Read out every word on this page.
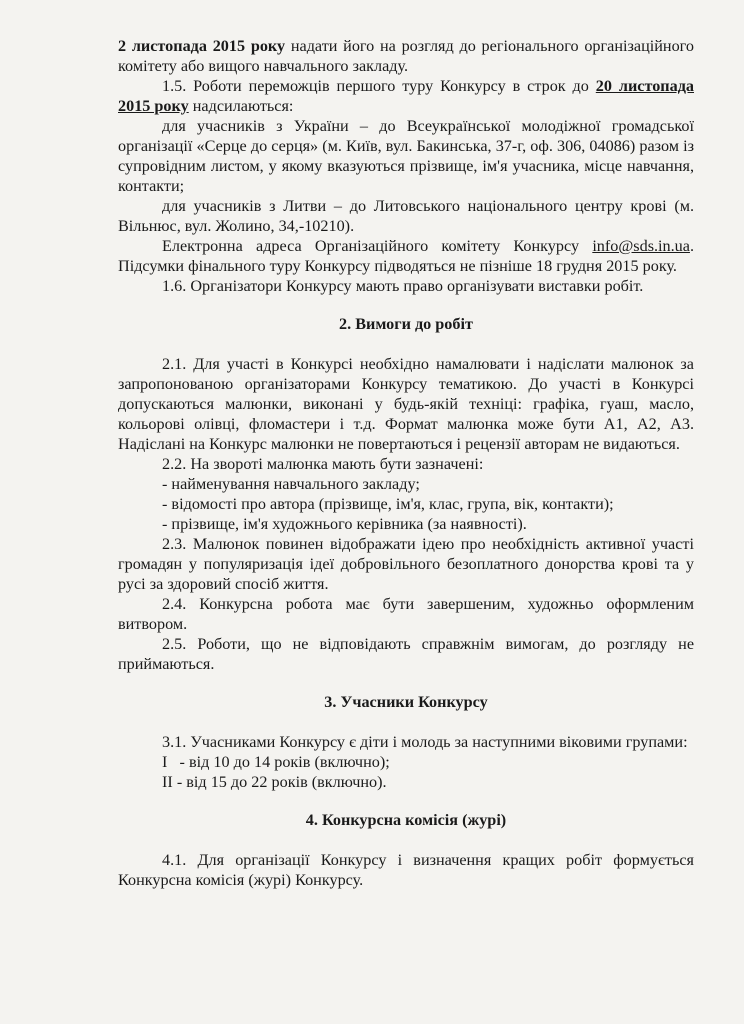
2 листопада 2015 року надати його на розгляд до регіонального організаційного комітету або вищого навчального закладу.

1.5. Роботи переможців першого туру Конкурсу в строк до 20 листопада 2015 року надсилаються:

для учасників з України – до Всеукраїнської молодіжної громадської організації «Серце до серця» (м. Київ, вул. Бакинська, 37-г, оф. 306, 04086) разом із супровідним листом, у якому вказуються прізвище, ім'я учасника, місце навчання, контакти;

для учасників з Литви – до Литовського національного центру крові (м. Вільнюс, вул. Жолино, 34,-10210).

Електронна адреса Організаційного комітету Конкурсу info@sds.in.ua. Підсумки фінального туру Конкурсу підводяться не пізніше 18 грудня 2015 року.

1.6. Організатори Конкурсу мають право організувати виставки робіт.

2. Вимоги до робіт

2.1. Для участі в Конкурсі необхідно намалювати і надіслати малюнок за запропонованою організаторами Конкурсу тематикою. До участі в Конкурсі допускаються малюнки, виконані у будь-якій техніці: графіка, гуаш, масло, кольорові олівці, фломастери і т.д. Формат малюнка може бути А1, А2, А3. Надіслані на Конкурс малюнки не повертаються і рецензії авторам не видаються.

2.2. На звороті малюнка мають бути зазначені:

- найменування навчального закладу;

- відомості про автора (прізвище, ім'я, клас, група, вік, контакти);

- прізвище, ім'я художнього керівника (за наявності).

2.3. Малюнок повинен відображати ідею про необхідність активної участі громадян у популяризація ідеї добровільного безоплатного донорства крові та у русі за здоровий спосіб життя.

2.4. Конкурсна робота має бути завершеним, художньо оформленим витвором.

2.5. Роботи, що не відповідають справжнім вимогам, до розгляду не приймаються.

3. Учасники Конкурсу

3.1. Учасниками Конкурсу є діти і молодь за наступними віковими групами:

I   - від 10 до 14 років (включно);

II - від 15 до 22 років (включно).

4. Конкурсна комісія (журі)

4.1. Для організації Конкурсу і визначення кращих робіт формується Конкурсна комісія (журі) Конкурсу.
